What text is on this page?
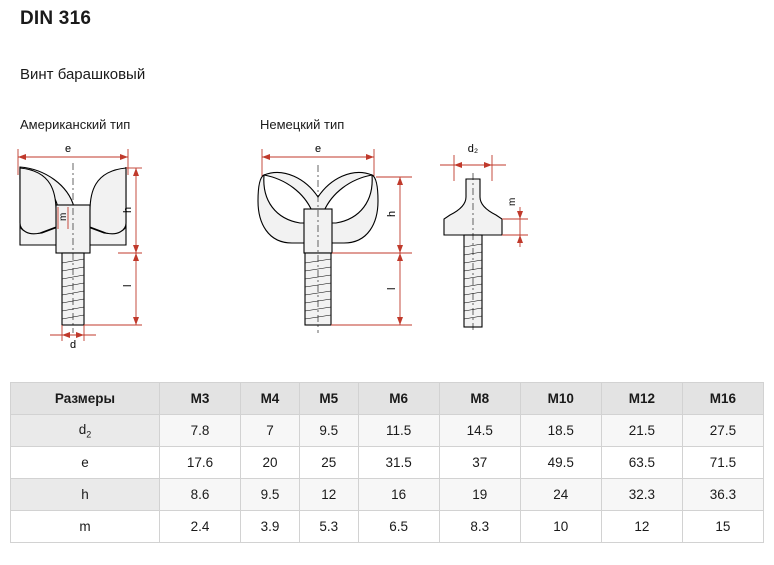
DIN 316
Винт барашковый
Американский тип	Немецкий тип
e
m
h
l
d
e
h
l
d₂
m
Размеры	M3	M4	M5	M6	M8	M10	M12	M16
$d_2$	7.8	7	9.5	11.5	14.5	18.5	21.5	27.5
e	17.6	20	25	31.5	37	49.5	63.5	71.5
h	8.6	9.5	12	16	19	24	32.3	36.3
m	2.4	3.9	5.3	6.5	8.3	10	12	15
